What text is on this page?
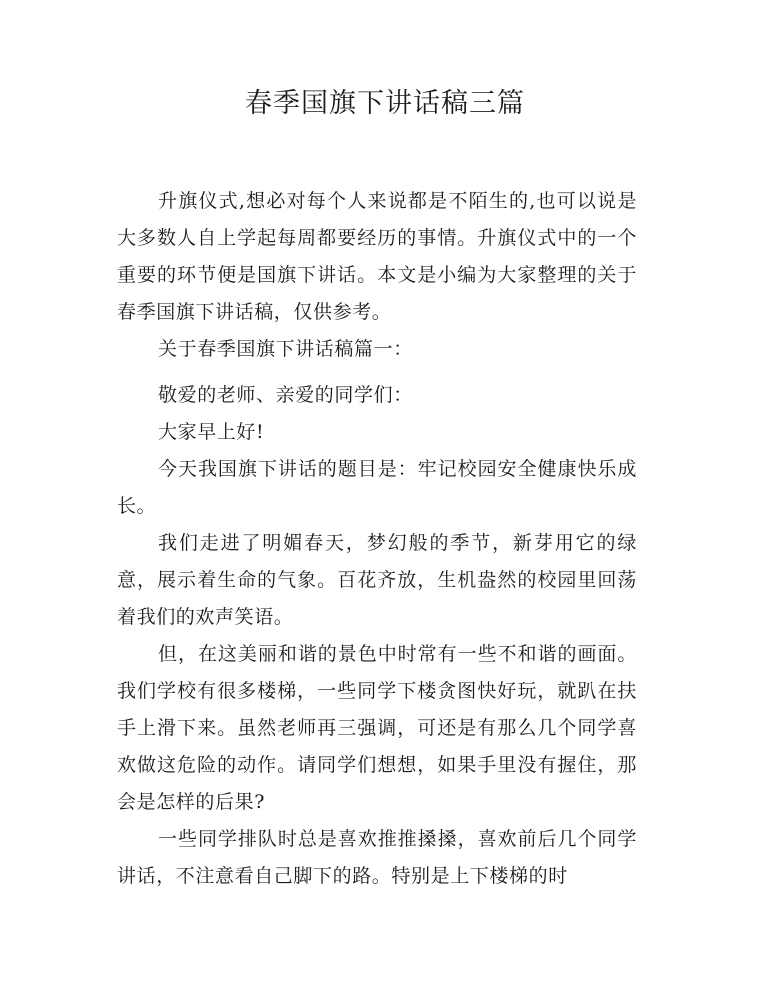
春季国旗下讲话稿三篇

升旗仪式,想必对每个人来说都是不陌生的,也可以说是大多数人自上学起每周都要经历的事情。升旗仪式中的一个重要的环节便是国旗下讲话。本文是小编为大家整理的关于春季国旗下讲话稿，仅供参考。

关于春季国旗下讲话稿篇一：

敬爱的老师、亲爱的同学们：

大家早上好!

今天我国旗下讲话的题目是：牢记校园安全健康快乐成长。

我们走进了明媚春天，梦幻般的季节，新芽用它的绿意，展示着生命的气象。百花齐放，生机盎然的校园里回荡着我们的欢声笑语。

但，在这美丽和谐的景色中时常有一些不和谐的画面。我们学校有很多楼梯，一些同学下楼贪图快好玩，就趴在扶手上滑下来。虽然老师再三强调，可还是有那么几个同学喜欢做这危险的动作。请同学们想想，如果手里没有握住，那会是怎样的后果?

一些同学排队时总是喜欢推推搡搡，喜欢前后几个同学讲话，不注意看自己脚下的路。特别是上下楼梯的时
